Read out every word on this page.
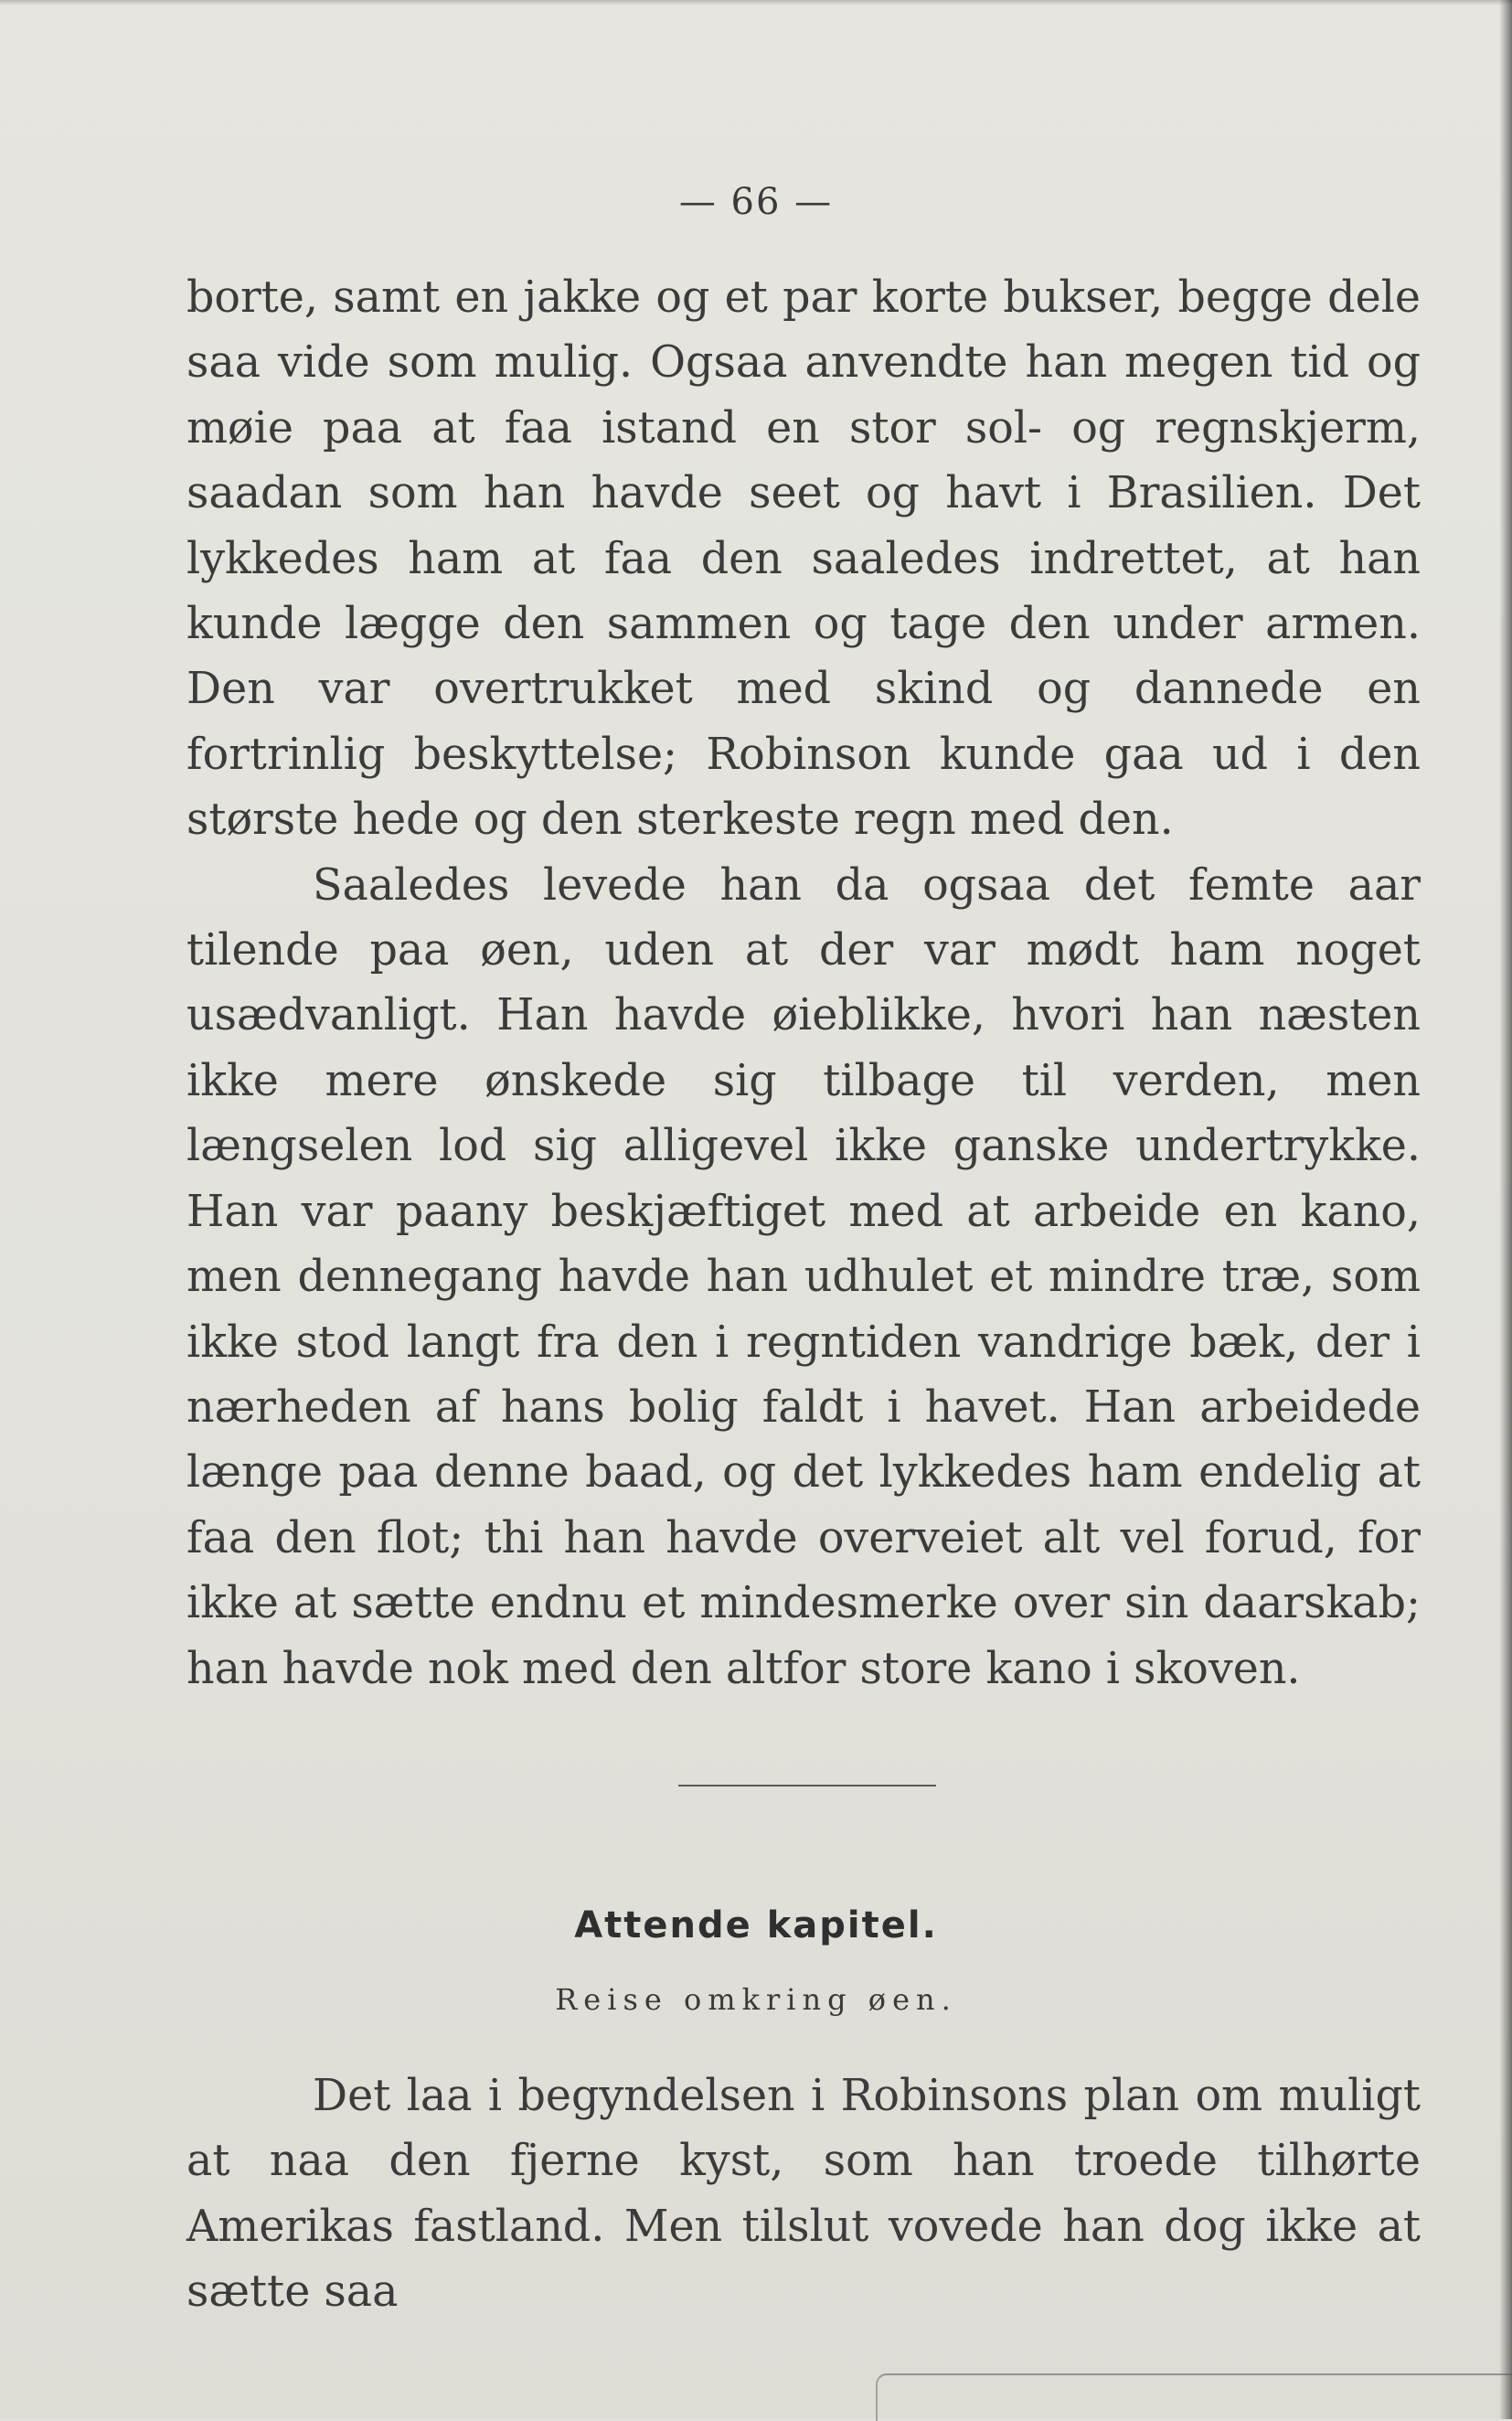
— 66 —

borte, samt en jakke og et par korte bukser, begge dele saa vide som mulig. Ogsaa anvendte han megen tid og møie paa at faa istand en stor sol- og regnskjerm, saadan som han havde seet og havt i Brasilien. Det lykkedes ham at faa den saaledes indrettet, at han kunde lægge den sammen og tage den under armen. Den var overtrukket med skind og dannede en fortrinlig beskyttelse; Robinson kunde gaa ud i den største hede og den sterkeste regn med den.

Saaledes levede han da ogsaa det femte aar tilende paa øen, uden at der var mødt ham noget usædvanligt. Han havde øieblikke, hvori han næsten ikke mere ønskede sig tilbage til verden, men længselen lod sig alligevel ikke ganske undertrykke. Han var paany beskjæftiget med at arbeide en kano, men dennegang havde han udhulet et mindre træ, som ikke stod langt fra den i regntiden vandrige bæk, der i nærheden af hans bolig faldt i havet. Han arbeidede længe paa denne baad, og det lykkedes ham endelig at faa den flot; thi han havde overveiet alt vel forud, for ikke at sætte endnu et mindesmerke over sin daarskab; han havde nok med den altfor store kano i skoven.

Attende kapitel.
Reise omkring øen.

Det laa i begyndelsen i Robinsons plan om muligt at naa den fjerne kyst, som han troede tilhørte Amerikas fastland. Men tilslut vovede han dog ikke at sætte saa
